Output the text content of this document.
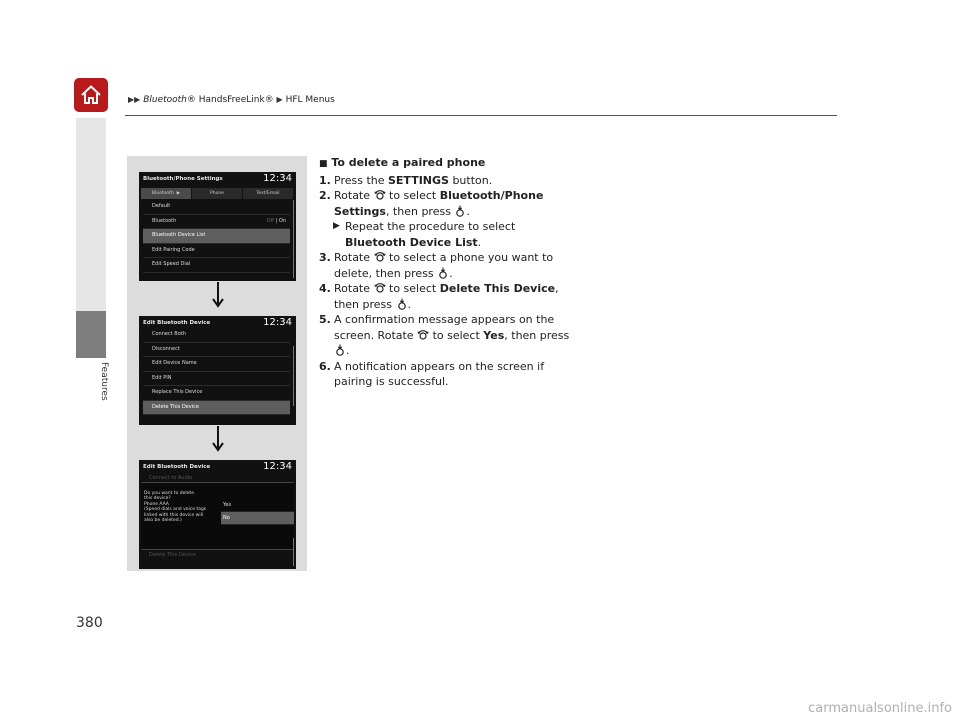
▶▶ Bluetooth® HandsFreeLink® ▶ HFL Menus
Features
380
Bluetooth/Phone Settings	12:34
Bluetooth ▶	Phone	Text/Email
Default
Bluetooth	Off | On
Bluetooth Device List
Edit Pairing Code
Edit Speed Dial
Edit Bluetooth Device	12:34
Connect Both
Disconnect
Edit Device Name
Edit PIN
Replace This Device
Delete This Device
Edit Bluetooth Device	12:34
Connect to Audio
Delete This Device
Do you want to delete
this device?
Phone AAA
(Speed dials and voice tags
linked with this device will
also be deleted.)
Yes
No
■ To delete a paired phone
1. Press the SETTINGS button.
2. Rotate  to select Bluetooth/Phone Settings, then press .
▶ Repeat the procedure to select Bluetooth Device List.
3. Rotate  to select a phone you want to delete, then press .
4. Rotate  to select Delete This Device, then press .
5. A confirmation message appears on the screen. Rotate  to select Yes, then press .
6. A notification appears on the screen if pairing is successful.
carmanualsonline.info
